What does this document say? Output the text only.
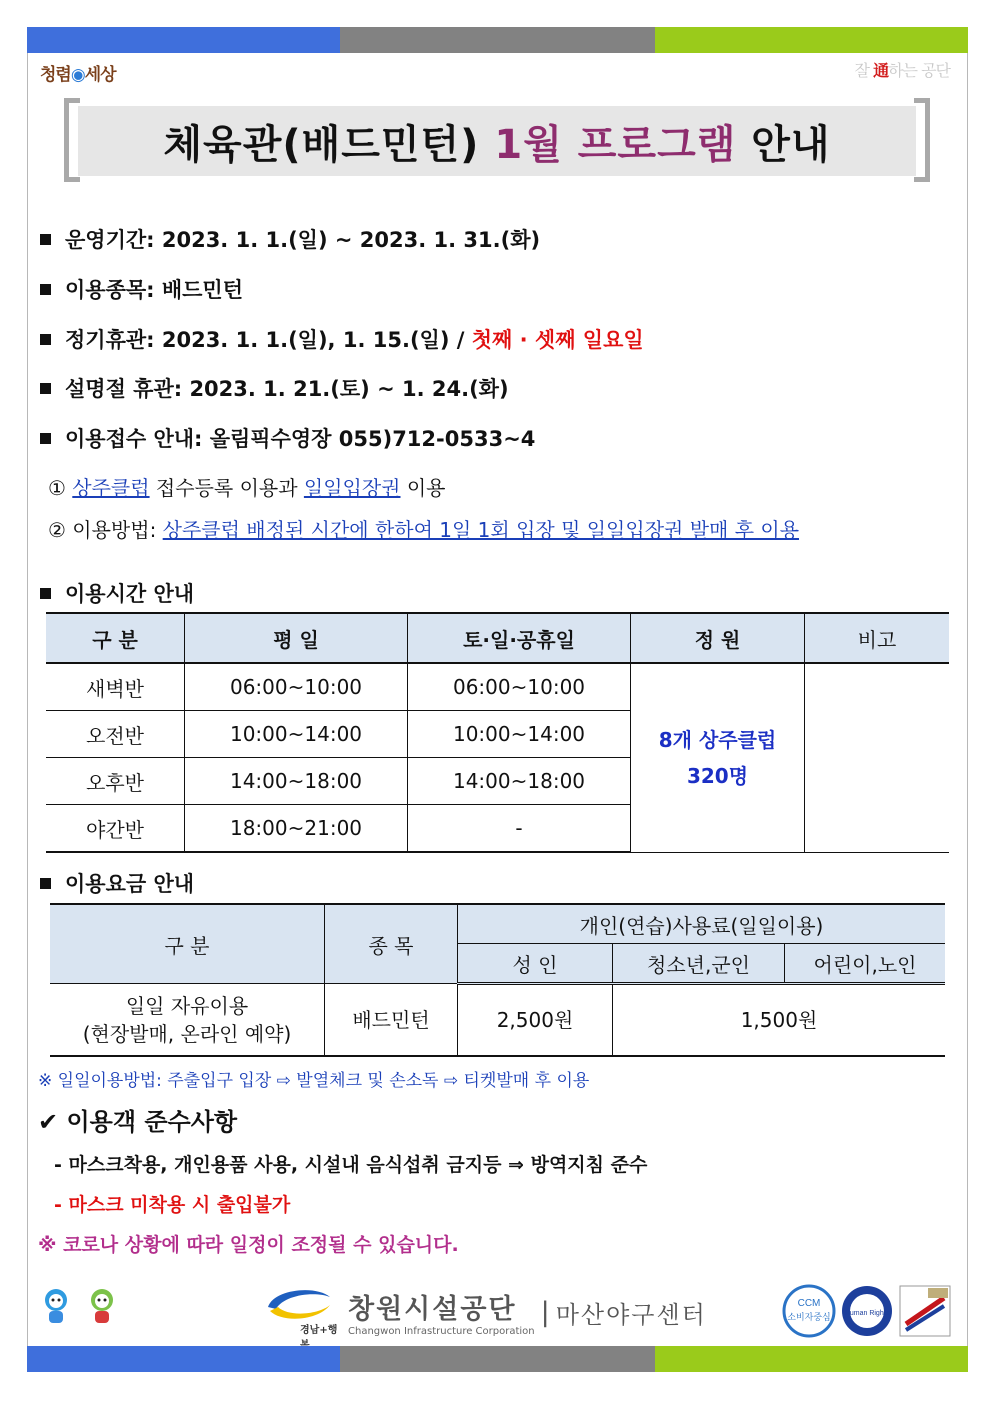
청렴◉세상	잘 通하는 공단
체육관(배드민턴) 1월 프로그램 안내
운영기간: 2023. 1. 1.(일) ~ 2023. 1. 31.(화)
이용종목: 배드민턴
정기휴관: 2023. 1. 1.(일), 1. 15.(일) / 첫째 · 셋째 일요일
설명절 휴관: 2023. 1. 21.(토) ~ 1. 24.(화)
이용접수 안내: 올림픽수영장 055)712-0533~4
① 상주클럽 접수등록 이용과 일일입장권 이용
② 이용방법: 상주클럽 배정된 시간에 한하여 1일 1회 입장 및 일일입장권 발매 후 이용
이용시간 안내
구 분	평 일	토·일·공휴일	정 원	비고
새벽반	06:00~10:00	06:00~10:00	8개 상주클럽
320명	
오전반	10:00~14:00	10:00~14:00		
오후반	14:00~18:00	14:00~18:00		
야간반	18:00~21:00	-		
이용요금 안내
구 분	종 목	개인(연습)사용료(일일이용)		
		성 인	청소년,군인	어린이,노인
일일 자유이용
(현장발매, 온라인 예약)	배드민턴	2,500원	1,500원	
※ 일일이용방법: 주출입구 입장 ⇨ 발열체크 및 손소독 ⇨ 티켓발매 후 이용
✔ 이용객 준수사항
- 마스크착용, 개인용품 사용, 시설내 음식섭취 금지등 ⇒ 방역지침 준수
- 마스크 미착용 시 출입불가
※ 코로나 상황에 따라 일정이 조정될 수 있습니다.
경남+행
창원시설공단
Changwon Infrastructure Corporation
| 마산야구센터	CCM
소비자중심 Human Rights
